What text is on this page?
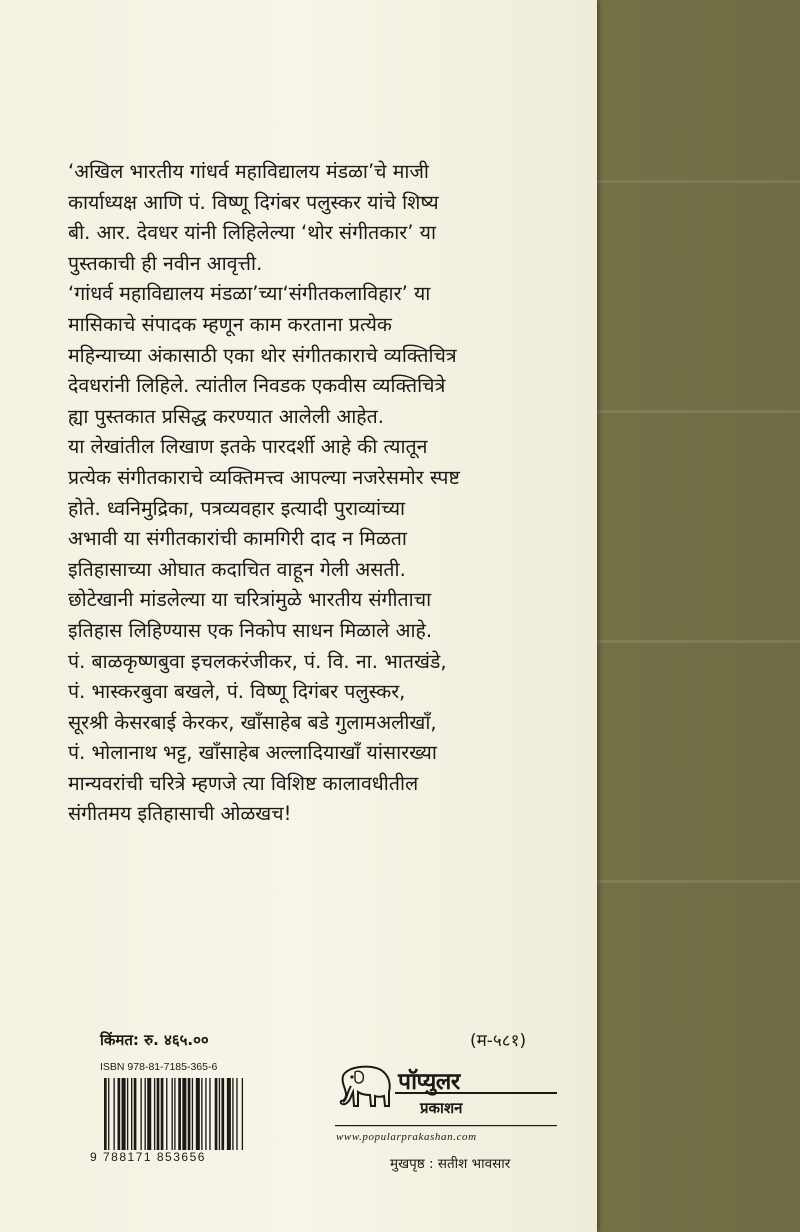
‘अखिल भारतीय गांधर्व महाविद्यालय मंडळा’चे माजी
कार्याध्यक्ष आणि पं. विष्णू दिगंबर पलुस्कर यांचे शिष्य
बी. आर. देवधर यांनी लिहिलेल्या ‘थोर संगीतकार’ या
पुस्तकाची ही नवीन आवृत्ती.
‘गांधर्व महाविद्यालय मंडळा’च्या‘संगीतकलाविहार’ या
मासिकाचे संपादक म्हणून काम करताना प्रत्येक
महिन्याच्या अंकासाठी एका थोर संगीतकाराचे व्यक्तिचित्र
देवधरांनी लिहिले. त्यांतील निवडक एकवीस व्यक्तिचित्रे
ह्या पुस्तकात प्रसिद्ध करण्यात आलेली आहेत.
या लेखांतील लिखाण इतके पारदर्शी आहे की त्यातून
प्रत्येक संगीतकाराचे व्यक्तिमत्त्व आपल्या नजरेसमोर स्पष्ट
होते. ध्वनिमुद्रिका, पत्रव्यवहार इत्यादी पुराव्यांच्या
अभावी या संगीतकारांची कामगिरी दाद न मिळता
इतिहासाच्या ओघात कदाचित वाहून गेली असती.
छोटेखानी मांडलेल्या या चरित्रांमुळे भारतीय संगीताचा
इतिहास लिहिण्यास एक निकोप साधन मिळाले आहे.
पं. बाळकृष्णबुवा इचलकरंजीकर, पं. वि. ना. भातखंडे,
पं. भास्करबुवा बखले, पं. विष्णू दिगंबर पलुस्कर,
सूरश्री केसरबाई केरकर, खाँसाहेब बडे गुलामअलीखाँ,
पं. भोलानाथ भट्ट, खाँसाहेब अल्लादियाखाँ यांसारख्या
मान्यवरांची चरित्रे म्हणजे त्या विशिष्ट कालावधीतील
संगीतमय इतिहासाची ओळखच!
किंमत: रु. ४६५.००	(म-५८१)
ISBN 978-81-7185-365-6
9 788171 853656
पॉप्युलर
प्रकाशन
www.popularprakashan.com
मुखपृष्ठ : सतीश भावसार
